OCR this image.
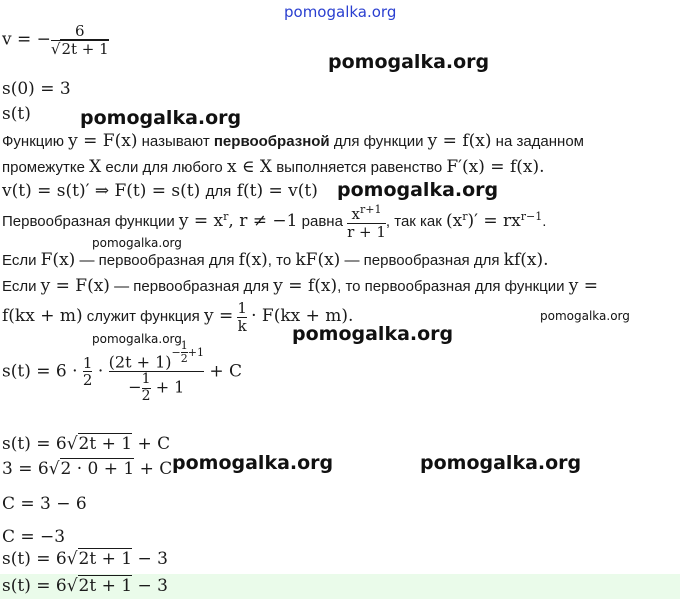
pomogalka.org
v = − $\frac{6}{√2t + 1}$
s(0) = 3
s(t)
Функцию y = F(x) называют первообразной для функции y = f(x) на заданном
промежутке X если для любого x ∈ X выполняется равенство F′(x) = f(x).
v(t) = s(t)′ ⇒ F(t) = s(t) для f(t) = v(t)
Первообразная функции $y = x^r$, r ≠ −1 равна $\frac{x^{r+1}}{r + 1}$ , так как $(x^r)' = rx^{r-1}$.
Если F(x) — первообразная для f(x), то kF(x) — первообразная для kf(x).
Если y = F(x) — первообразная для y = f(x), то первообразная для функции y =
f(kx + m) служит функция $y = \frac{1}{k} \cdot F(kx + m)$.
$s(t) = 6 \cdot \frac{1}{2} \cdot (2t + 1)^{- \frac{1}{2} +1}$
− $\frac{1}{2} + 1 + C$
s(t) = 6√2t + 1 + C
3 = 6√2 · 0 + 1 + C
C = 3 − 6
C = −3
s(t) = 6√2t + 1 − 3
s(t) = 6√2t + 1 − 3
pomogalka.org
pomogalka.org
pomogalka.org
pomogalka.org
pomogalka.org
pomogalka.org	pomogalka.org
pomogalka.org	pomogalka.org
